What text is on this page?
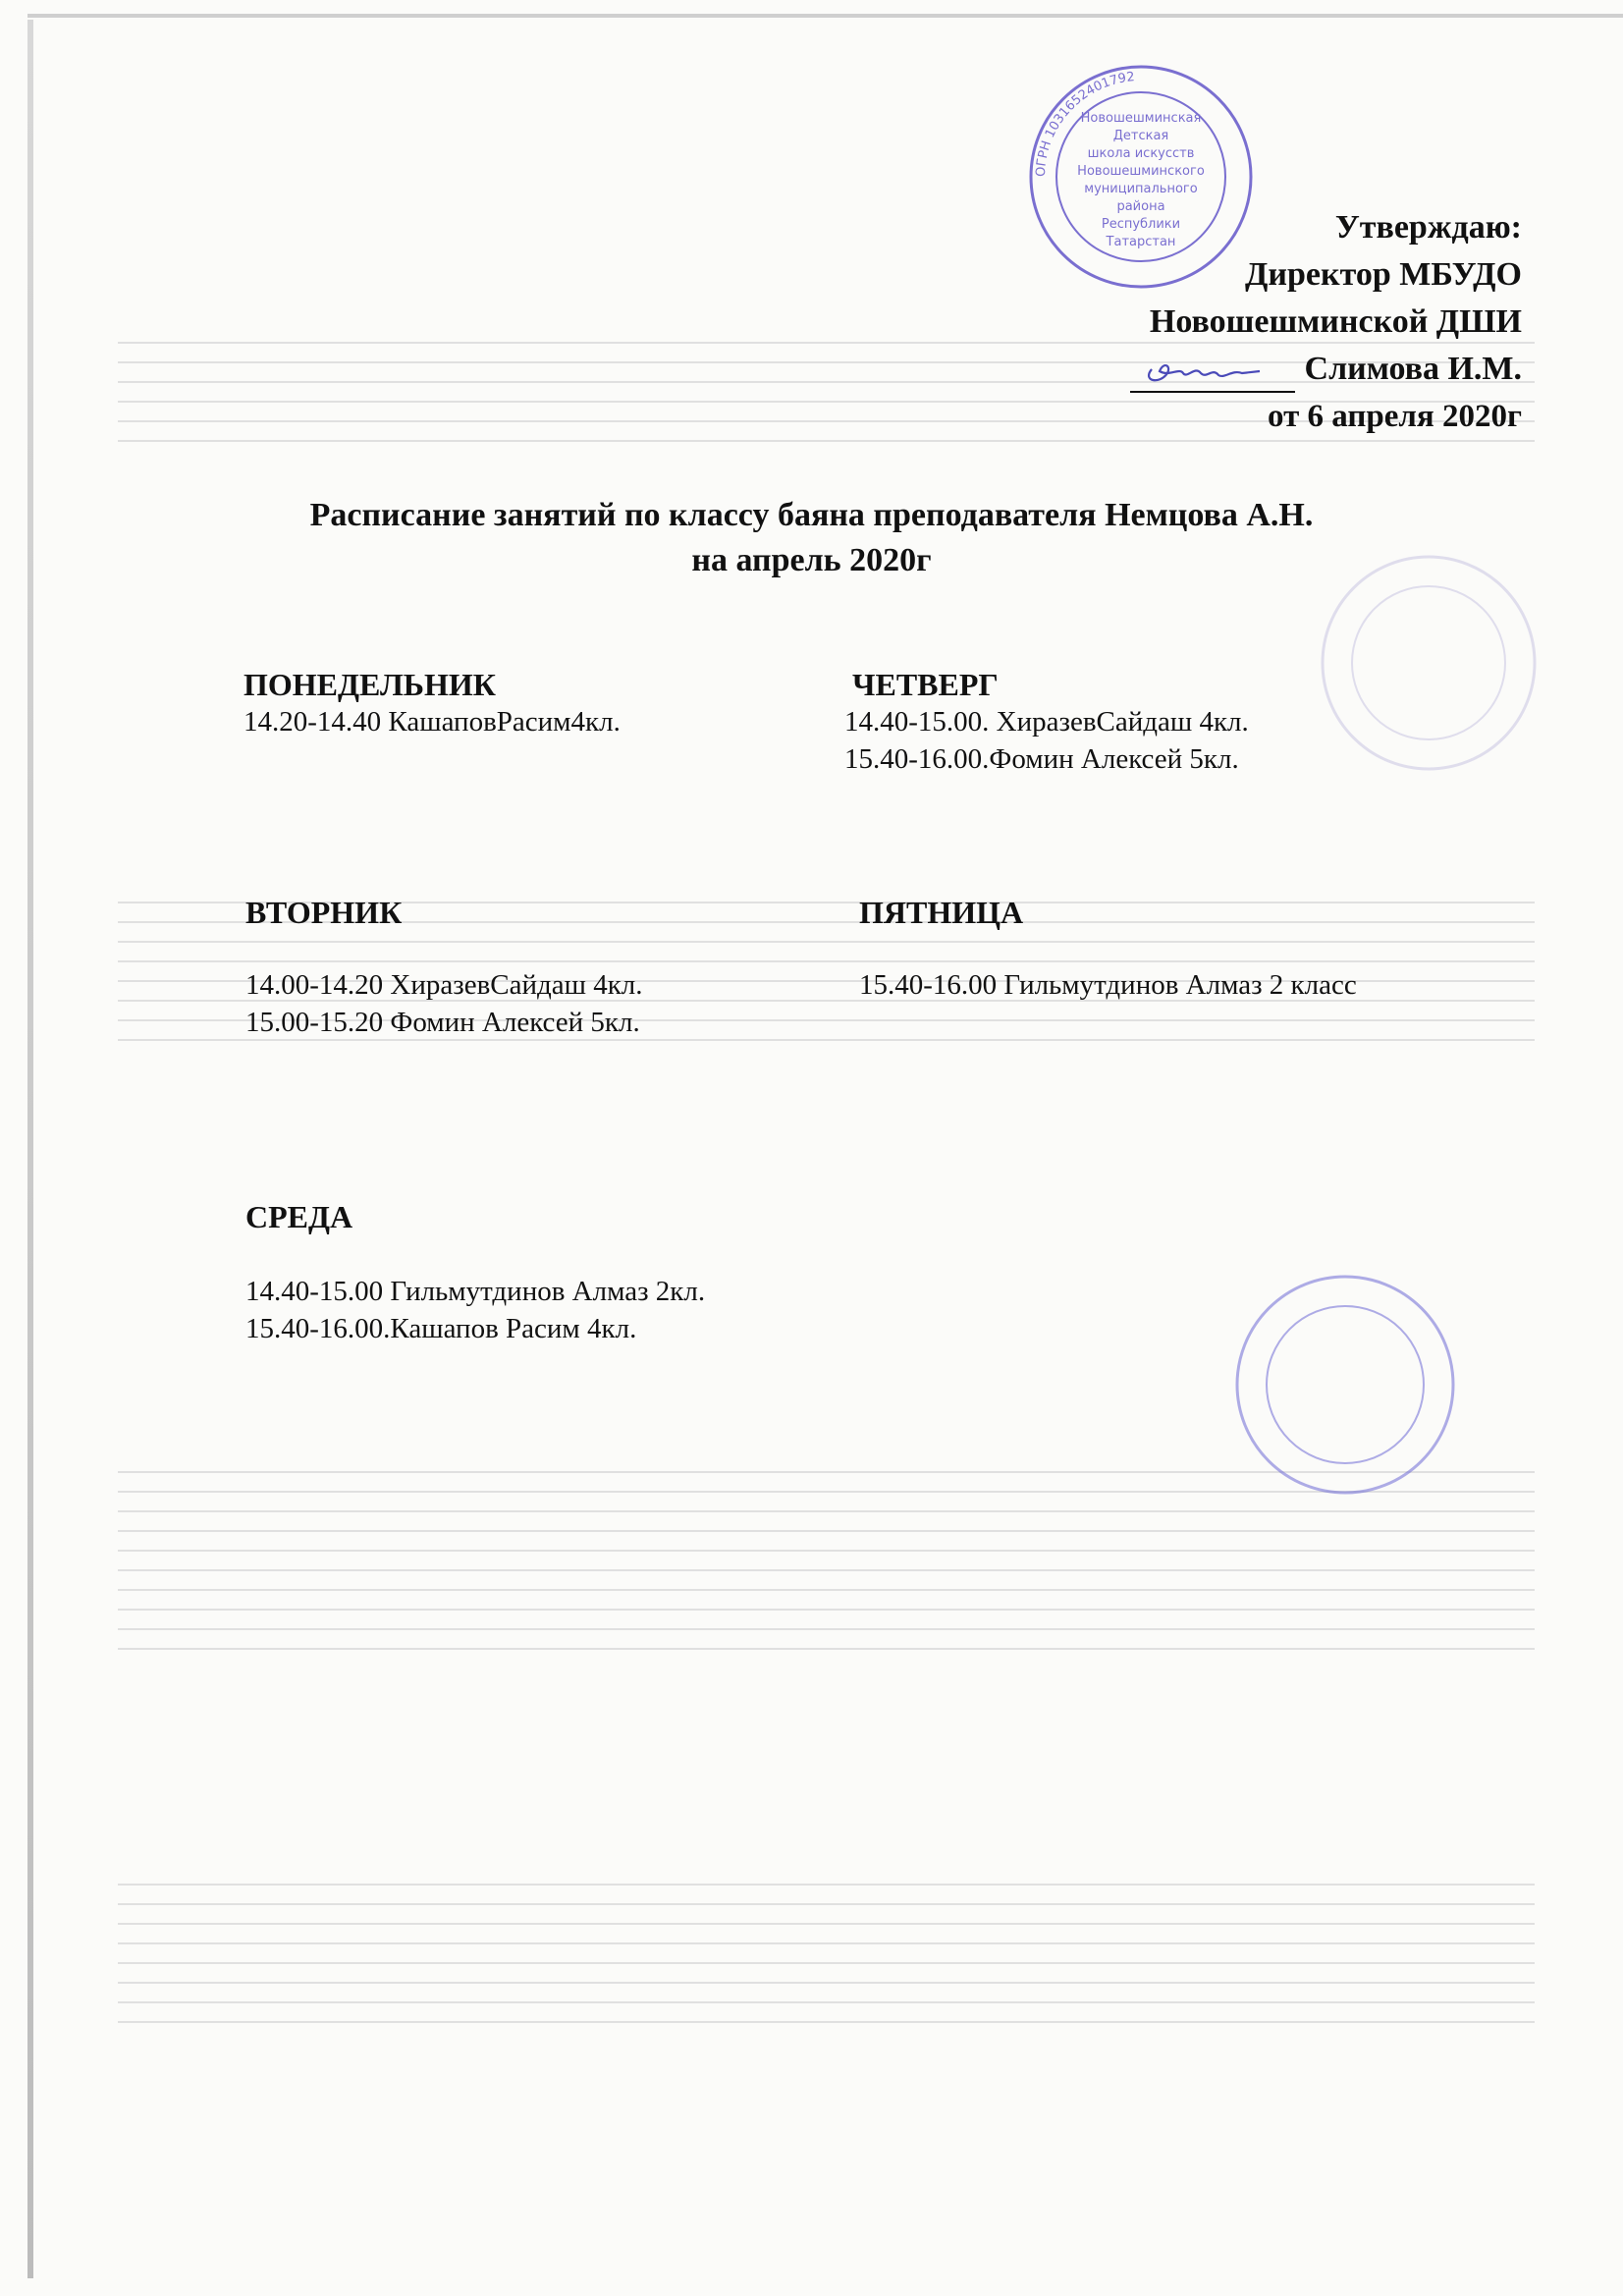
ОГРН 1031652401792
Новошешминская
Детская
школа искусств
Новошешминского
муниципального
района
Республики
Татарстан	Утверждаю:
Директор МБУДО
Новошешминской ДШИ
Слимова И.М.
от 6 апреля 2020г
Расписание занятий по классу баяна преподавателя Немцова А.Н.
на апрель 2020г
ПОНЕДЕЛЬНИК
14.20-14.40 КашаповРасим4кл.
ЧЕТВЕРГ
14.40-15.00. ХиразевСайдаш 4кл.
15.40-16.00.Фомин Алексей 5кл.
ВТОРНИК
14.00-14.20 ХиразевСайдаш 4кл.
15.00-15.20 Фомин Алексей 5кл.
ПЯТНИЦА
15.40-16.00 Гильмутдинов Алмаз 2 класс
СРЕДА
14.40-15.00 Гильмутдинов Алмаз 2кл.
15.40-16.00.Кашапов Расим 4кл.
